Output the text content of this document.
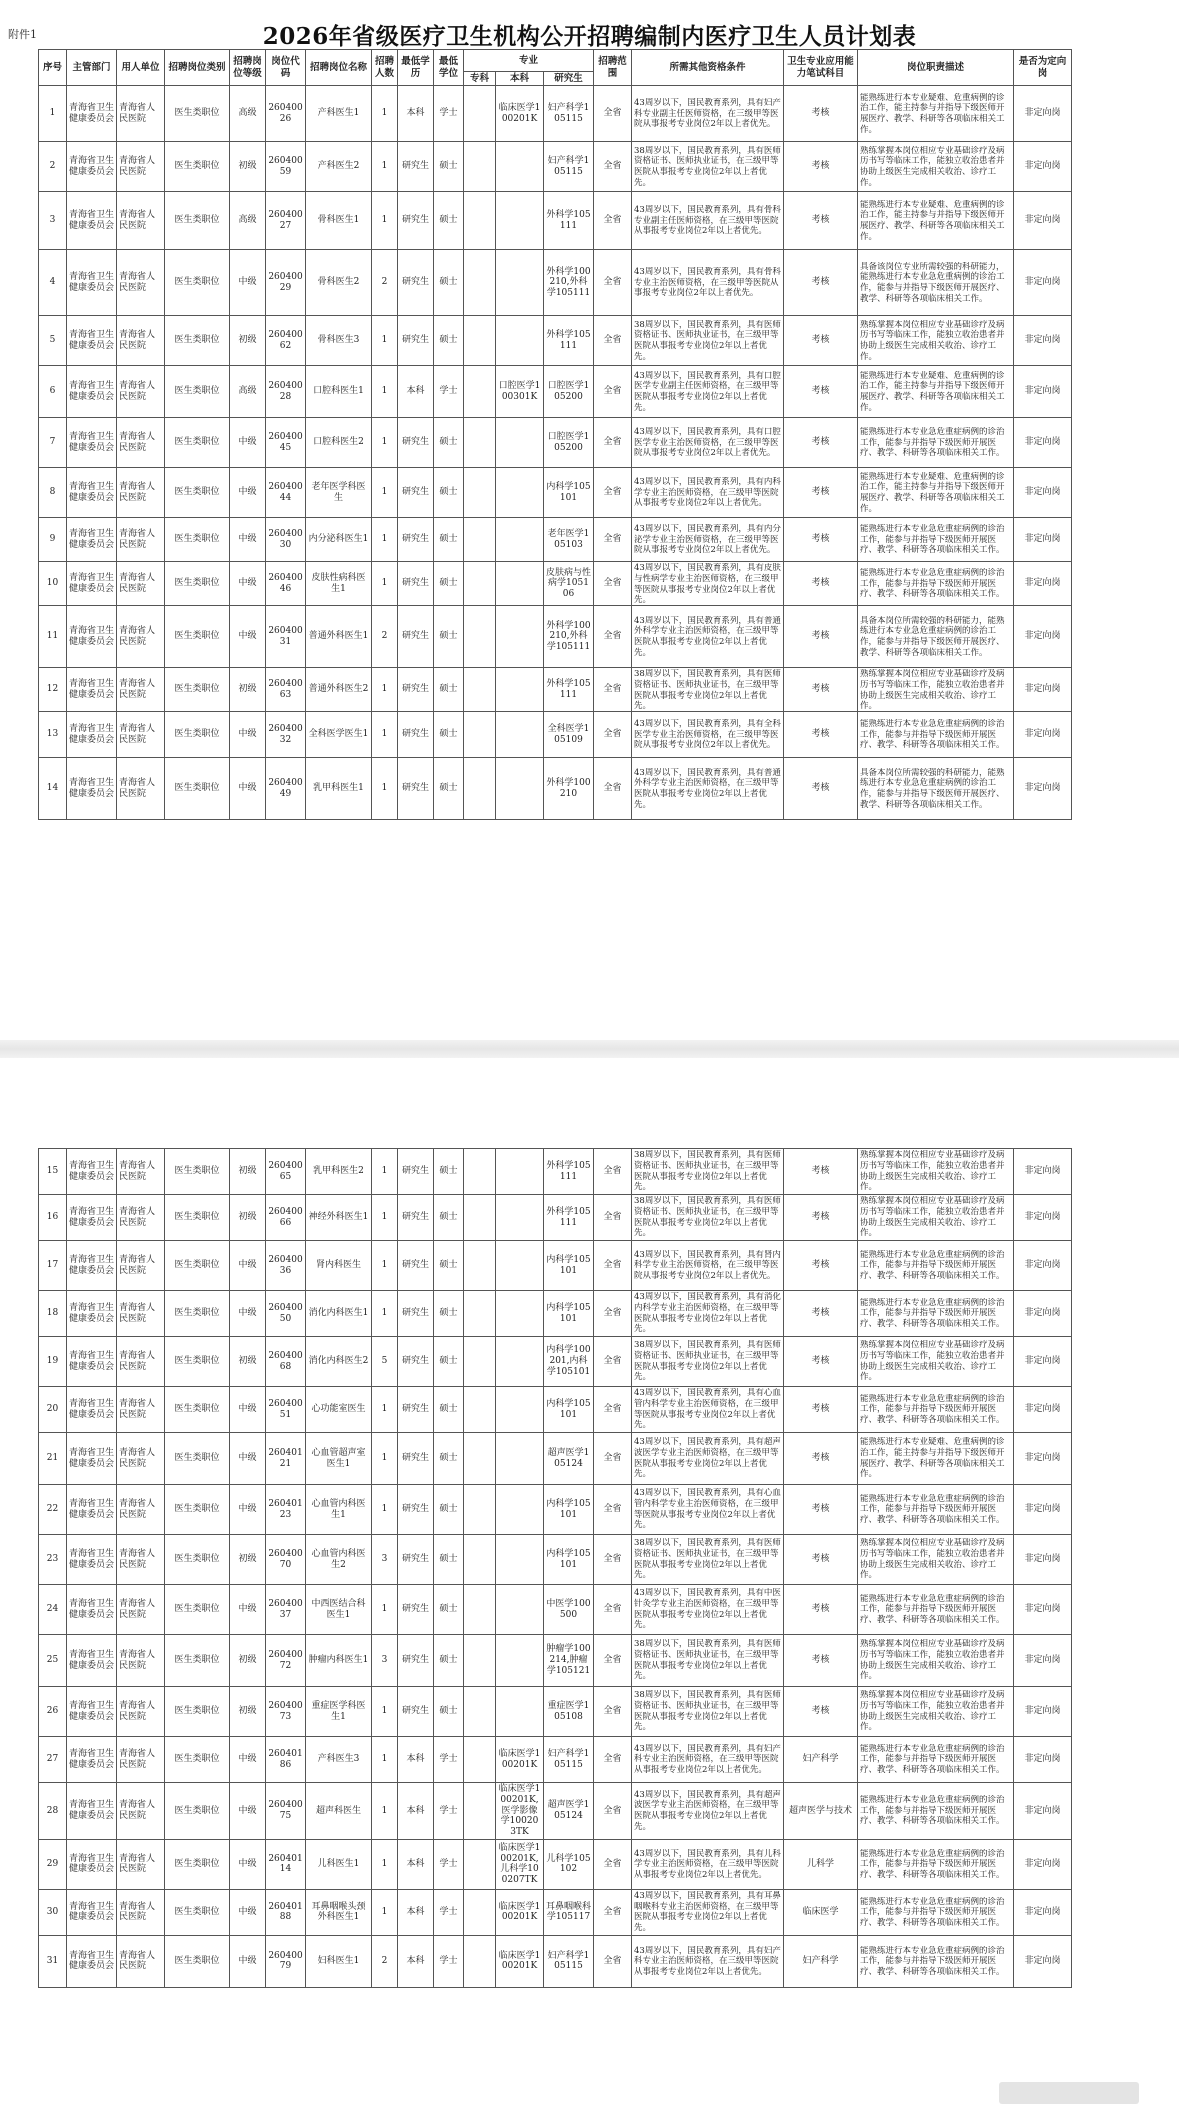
附件1	2026年省级医疗卫生机构公开招聘编制内医疗卫生人员计划表
序号	主管部门	用人单位	招聘岗位类别	招聘岗位等级	岗位代码	招聘岗位名称	招聘人数	最低学历	最低学位	专业			招聘范围	所需其他资格条件	卫生专业应用能力笔试科目	岗位职责描述	是否为定向岗
										专科	本科	研究生					
1	青海省卫生健康委员会	青海省人民医院	医生类职位	高级	26040026	产科医生1	1	本科	学士		临床医学100201K	妇产科学105115	全省	43周岁以下，国民教育系列，具有妇产科专业副主任医师资格，在三级甲等医院从事报考专业岗位2年以上者优先。	考核	能熟练进行本专业疑难、危重病例的诊治工作，能主持参与并指导下级医师开展医疗、教学、科研等各项临床相关工作。	非定向岗
2	青海省卫生健康委员会	青海省人民医院	医生类职位	初级	26040059	产科医生2	1	研究生	硕士			妇产科学105115	全省	38周岁以下，国民教育系列，具有医师资格证书、医师执业证书，在三级甲等医院从事报考专业岗位2年以上者优先。	考核	熟练掌握本岗位相应专业基础诊疗及病历书写等临床工作，能独立收治患者并协助上级医生完成相关收治、诊疗工作。	非定向岗
3	青海省卫生健康委员会	青海省人民医院	医生类职位	高级	26040027	骨科医生1	1	研究生	硕士			外科学105111	全省	43周岁以下，国民教育系列，具有骨科专业副主任医师资格，在三级甲等医院从事报考专业岗位2年以上者优先。	考核	能熟练进行本专业疑难、危重病例的诊治工作，能主持参与并指导下级医师开展医疗、教学、科研等各项临床相关工作。	非定向岗
4	青海省卫生健康委员会	青海省人民医院	医生类职位	中级	26040029	骨科医生2	2	研究生	硕士			外科学100210,外科学105111	全省	43周岁以下，国民教育系列，具有骨科专业主治医师资格，在三级甲等医院从事报考专业岗位2年以上者优先。	考核	具备该岗位专业所需较强的科研能力，能熟练进行本专业急危重病例的诊治工作，能参与并指导下级医师开展医疗、教学、科研等各项临床相关工作。	非定向岗
5	青海省卫生健康委员会	青海省人民医院	医生类职位	初级	26040062	骨科医生3	1	研究生	硕士			外科学105111	全省	38周岁以下，国民教育系列，具有医师资格证书、医师执业证书，在三级甲等医院从事报考专业岗位2年以上者优先。	考核	熟练掌握本岗位相应专业基础诊疗及病历书写等临床工作，能独立收治患者并协助上级医生完成相关收治、诊疗工作。	非定向岗
6	青海省卫生健康委员会	青海省人民医院	医生类职位	高级	26040028	口腔科医生1	1	本科	学士		口腔医学100301K	口腔医学105200	全省	43周岁以下，国民教育系列，具有口腔医学专业副主任医师资格，在三级甲等医院从事报考专业岗位2年以上者优先。	考核	能熟练进行本专业疑难、危重病例的诊治工作，能主持参与并指导下级医师开展医疗、教学、科研等各项临床相关工作。	非定向岗
7	青海省卫生健康委员会	青海省人民医院	医生类职位	中级	26040045	口腔科医生2	1	研究生	硕士			口腔医学105200	全省	43周岁以下，国民教育系列，具有口腔医学专业主治医师资格，在三级甲等医院从事报考专业岗位2年以上者优先。	考核	能熟练进行本专业急危重症病例的诊治工作，能参与并指导下级医师开展医疗、教学、科研等各项临床相关工作。	非定向岗
8	青海省卫生健康委员会	青海省人民医院	医生类职位	中级	26040044	老年医学科医生	1	研究生	硕士			内科学105101	全省	43周岁以下，国民教育系列，具有内科学专业主治医师资格，在三级甲等医院从事报考专业岗位2年以上者优先。	考核	能熟练进行本专业疑难、危重病例的诊治工作，能主持参与并指导下级医师开展医疗、教学、科研等各项临床相关工作。	非定向岗
9	青海省卫生健康委员会	青海省人民医院	医生类职位	中级	26040030	内分泌科医生1	1	研究生	硕士			老年医学105103	全省	43周岁以下，国民教育系列，具有内分泌学专业主治医师资格，在三级甲等医院从事报考专业岗位2年以上者优先。	考核	能熟练进行本专业急危重症病例的诊治工作，能参与并指导下级医师开展医疗、教学、科研等各项临床相关工作。	非定向岗
10	青海省卫生健康委员会	青海省人民医院	医生类职位	中级	26040046	皮肤性病科医生1	1	研究生	硕士			皮肤病与性病学105106	全省	43周岁以下，国民教育系列，具有皮肤与性病学专业主治医师资格，在三级甲等医院从事报考专业岗位2年以上者优先。	考核	能熟练进行本专业急危重症病例的诊治工作，能参与并指导下级医师开展医疗、教学、科研等各项临床相关工作。	非定向岗
11	青海省卫生健康委员会	青海省人民医院	医生类职位	中级	26040031	普通外科医生1	2	研究生	硕士			外科学100210,外科学105111	全省	43周岁以下，国民教育系列，具有普通外科学专业主治医师资格，在三级甲等医院从事报考专业岗位2年以上者优先。	考核	具备本岗位所需较强的科研能力，能熟练进行本专业急危重症病例的诊治工作，能参与并指导下级医师开展医疗、教学、科研等各项临床相关工作。	非定向岗
12	青海省卫生健康委员会	青海省人民医院	医生类职位	初级	26040063	普通外科医生2	1	研究生	硕士			外科学105111	全省	38周岁以下，国民教育系列，具有医师资格证书、医师执业证书，在三级甲等医院从事报考专业岗位2年以上者优先。	考核	熟练掌握本岗位相应专业基础诊疗及病历书写等临床工作，能独立收治患者并协助上级医生完成相关收治、诊疗工作。	非定向岗
13	青海省卫生健康委员会	青海省人民医院	医生类职位	中级	26040032	全科医学医生1	1	研究生	硕士			全科医学105109	全省	43周岁以下，国民教育系列，具有全科医学专业主治医师资格，在三级甲等医院从事报考专业岗位2年以上者优先。	考核	能熟练进行本专业急危重症病例的诊治工作，能参与并指导下级医师开展医疗、教学、科研等各项临床相关工作。	非定向岗
14	青海省卫生健康委员会	青海省人民医院	医生类职位	中级	26040049	乳甲科医生1	1	研究生	硕士			外科学100210	全省	43周岁以下，国民教育系列，具有普通外科学专业主治医师资格，在三级甲等医院从事报考专业岗位2年以上者优先。	考核	具备本岗位所需较强的科研能力，能熟练进行本专业急危重症病例的诊治工作，能参与并指导下级医师开展医疗、教学、科研等各项临床相关工作。	非定向岗
15	青海省卫生健康委员会	青海省人民医院	医生类职位	初级	26040065	乳甲科医生2	1	研究生	硕士			外科学105111	全省	38周岁以下，国民教育系列，具有医师资格证书、医师执业证书，在三级甲等医院从事报考专业岗位2年以上者优先。	考核	熟练掌握本岗位相应专业基础诊疗及病历书写等临床工作，能独立收治患者并协助上级医生完成相关收治、诊疗工作。	非定向岗
16	青海省卫生健康委员会	青海省人民医院	医生类职位	初级	26040066	神经外科医生1	1	研究生	硕士			外科学105111	全省	38周岁以下，国民教育系列，具有医师资格证书、医师执业证书，在三级甲等医院从事报考专业岗位2年以上者优先。	考核	熟练掌握本岗位相应专业基础诊疗及病历书写等临床工作，能独立收治患者并协助上级医生完成相关收治、诊疗工作。	非定向岗
17	青海省卫生健康委员会	青海省人民医院	医生类职位	中级	26040036	肾内科医生	1	研究生	硕士			内科学105101	全省	43周岁以下，国民教育系列，具有肾内科学专业主治医师资格，在三级甲等医院从事报考专业岗位2年以上者优先。	考核	能熟练进行本专业急危重症病例的诊治工作，能参与并指导下级医师开展医疗、教学、科研等各项临床相关工作。	非定向岗
18	青海省卫生健康委员会	青海省人民医院	医生类职位	中级	26040050	消化内科医生1	1	研究生	硕士			内科学105101	全省	43周岁以下，国民教育系列，具有消化内科学专业主治医师资格，在三级甲等医院从事报考专业岗位2年以上者优先。	考核	能熟练进行本专业急危重症病例的诊治工作，能参与并指导下级医师开展医疗、教学、科研等各项临床相关工作。	非定向岗
19	青海省卫生健康委员会	青海省人民医院	医生类职位	初级	26040068	消化内科医生2	5	研究生	硕士			内科学100201,内科学105101	全省	38周岁以下，国民教育系列，具有医师资格证书、医师执业证书，在三级甲等医院从事报考专业岗位2年以上者优先。	考核	熟练掌握本岗位相应专业基础诊疗及病历书写等临床工作，能独立收治患者并协助上级医生完成相关收治、诊疗工作。	非定向岗
20	青海省卫生健康委员会	青海省人民医院	医生类职位	中级	26040051	心功能室医生	1	研究生	硕士			内科学105101	全省	43周岁以下，国民教育系列，具有心血管内科学专业主治医师资格，在三级甲等医院从事报考专业岗位2年以上者优先。	考核	能熟练进行本专业急危重症病例的诊治工作，能参与并指导下级医师开展医疗、教学、科研等各项临床相关工作。	非定向岗
21	青海省卫生健康委员会	青海省人民医院	医生类职位	中级	26040121	心血管超声室医生1	1	研究生	硕士			超声医学105124	全省	43周岁以下，国民教育系列，具有超声波医学专业主治医师资格，在三级甲等医院从事报考专业岗位2年以上者优先。	考核	能熟练进行本专业疑难、危重病例的诊治工作，能主持参与并指导下级医师开展医疗、教学、科研等各项临床相关工作。	非定向岗
22	青海省卫生健康委员会	青海省人民医院	医生类职位	中级	26040123	心血管内科医生1	1	研究生	硕士			内科学105101	全省	43周岁以下，国民教育系列，具有心血管内科学专业主治医师资格，在三级甲等医院从事报考专业岗位2年以上者优先。	考核	能熟练进行本专业急危重症病例的诊治工作，能参与并指导下级医师开展医疗、教学、科研等各项临床相关工作。	非定向岗
23	青海省卫生健康委员会	青海省人民医院	医生类职位	初级	26040070	心血管内科医生2	3	研究生	硕士			内科学105101	全省	38周岁以下，国民教育系列，具有医师资格证书、医师执业证书，在三级甲等医院从事报考专业岗位2年以上者优先。	考核	熟练掌握本岗位相应专业基础诊疗及病历书写等临床工作，能独立收治患者并协助上级医生完成相关收治、诊疗工作。	非定向岗
24	青海省卫生健康委员会	青海省人民医院	医生类职位	中级	26040037	中西医结合科医生1	1	研究生	硕士			中医学100500	全省	43周岁以下，国民教育系列，具有中医针灸学专业主治医师资格，在三级甲等医院从事报考专业岗位2年以上者优先。	考核	能熟练进行本专业急危重症病例的诊治工作，能参与并指导下级医师开展医疗、教学、科研等各项临床相关工作。	非定向岗
25	青海省卫生健康委员会	青海省人民医院	医生类职位	初级	26040072	肿瘤内科医生1	3	研究生	硕士			肿瘤学100214,肿瘤学105121	全省	38周岁以下，国民教育系列，具有医师资格证书、医师执业证书，在三级甲等医院从事报考专业岗位2年以上者优先。	考核	熟练掌握本岗位相应专业基础诊疗及病历书写等临床工作，能独立收治患者并协助上级医生完成相关收治、诊疗工作。	非定向岗
26	青海省卫生健康委员会	青海省人民医院	医生类职位	初级	26040073	重症医学科医生1	1	研究生	硕士			重症医学105108	全省	38周岁以下，国民教育系列，具有医师资格证书、医师执业证书，在三级甲等医院从事报考专业岗位2年以上者优先。	考核	熟练掌握本岗位相应专业基础诊疗及病历书写等临床工作，能独立收治患者并协助上级医生完成相关收治、诊疗工作。	非定向岗
27	青海省卫生健康委员会	青海省人民医院	医生类职位	中级	26040186	产科医生3	1	本科	学士		临床医学100201K	妇产科学105115	全省	43周岁以下，国民教育系列，具有妇产科专业主治医师资格，在三级甲等医院从事报考专业岗位2年以上者优先。	妇产科学	能熟练进行本专业急危重症病例的诊治工作，能参与并指导下级医师开展医疗、教学、科研等各项临床相关工作。	非定向岗
28	青海省卫生健康委员会	青海省人民医院	医生类职位	中级	26040075	超声科医生	1	本科	学士		临床医学100201K,医学影像学100203TK	超声医学105124	全省	43周岁以下，国民教育系列，具有超声波医学专业主治医师资格，在三级甲等医院从事报考专业岗位2年以上者优先。	超声医学与技术	能熟练进行本专业急危重症病例的诊治工作，能参与并指导下级医师开展医疗、教学、科研等各项临床相关工作。	非定向岗
29	青海省卫生健康委员会	青海省人民医院	医生类职位	中级	26040114	儿科医生1	1	本科	学士		临床医学100201K,儿科学100207TK	儿科学105102	全省	43周岁以下，国民教育系列，具有儿科学专业主治医师资格，在三级甲等医院从事报考专业岗位2年以上者优先。	儿科学	能熟练进行本专业急危重症病例的诊治工作，能参与并指导下级医师开展医疗、教学、科研等各项临床相关工作。	非定向岗
30	青海省卫生健康委员会	青海省人民医院	医生类职位	中级	26040188	耳鼻咽喉头颈外科医生1	1	本科	学士		临床医学100201K	耳鼻咽喉科学105117	全省	43周岁以下，国民教育系列，具有耳鼻咽喉科专业主治医师资格，在三级甲等医院从事报考专业岗位2年以上者优先。	临床医学	能熟练进行本专业急危重症病例的诊治工作，能参与并指导下级医师开展医疗、教学、科研等各项临床相关工作。	非定向岗
31	青海省卫生健康委员会	青海省人民医院	医生类职位	中级	26040079	妇科医生1	2	本科	学士		临床医学100201K	妇产科学105115	全省	43周岁以下，国民教育系列，具有妇产科专业主治医师资格，在三级甲等医院从事报考专业岗位2年以上者优先。	妇产科学	能熟练进行本专业急危重症病例的诊治工作，能参与并指导下级医师开展医疗、教学、科研等各项临床相关工作。	非定向岗
